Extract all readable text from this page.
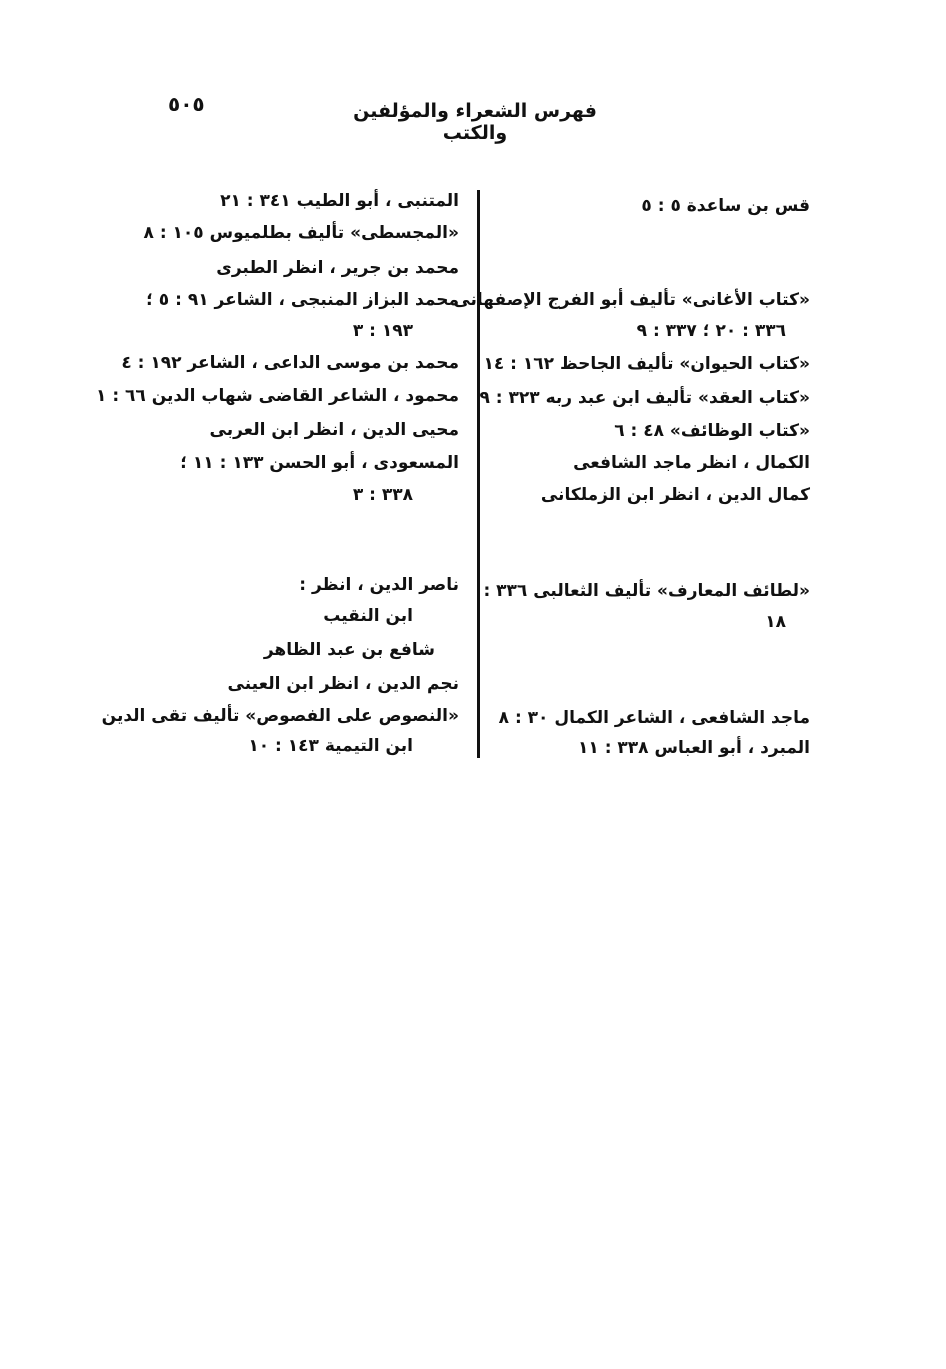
٥٠٥	فهرس الشعراء والمؤلفين والكتب
قس بن ساعدة ٥ : ٥
«كتاب الأغانى» تأليف أبو الفرج الإصفهانى
٣٣٦ : ٢٠ ؛ ٣٣٧ : ٩
«كتاب الحيوان» تأليف الجاحظ ١٦٢ : ١٤
«كتاب العقد» تأليف ابن عبد ربه ٣٢٣ : ٩
«كتاب الوظائف» ٤٨ : ٦
الكمال ، انظر ماجد الشافعى
كمال الدين ، انظر ابن الزملكانى
«لطائف المعارف» تأليف الثعالبى ٣٣٦ :
١٨
ماجد الشافعى ، الشاعر الكمال ٣٠ : ٨
المبرد ، أبو العباس ٣٣٨ : ١١
المتنبى ، أبو الطيب ٣٤١ : ٢١
«المجسطى» تأليف بطلميوس ١٠٥ : ٨
محمد بن جرير ، انظر الطبرى
محمد البزاز المنبجى ، الشاعر ٩١ : ٥ ؛
١٩٣ : ٣
محمد بن موسى الداعى ، الشاعر ١٩٢ : ٤
محمود ، الشاعر القاضى شهاب الدين ٦٦ : ١
محيى الدين ، انظر ابن العربى
المسعودى ، أبو الحسن ١٣٣ : ١١ ؛
٣٣٨ : ٣
ناصر الدين ، انظر :
ابن النقيب
شافع بن عبد الظاهر
نجم الدين ، انظر ابن العينى
«النصوص على الفصوص» تأليف تقى الدين
ابن التيمية ١٤٣ : ١٠
